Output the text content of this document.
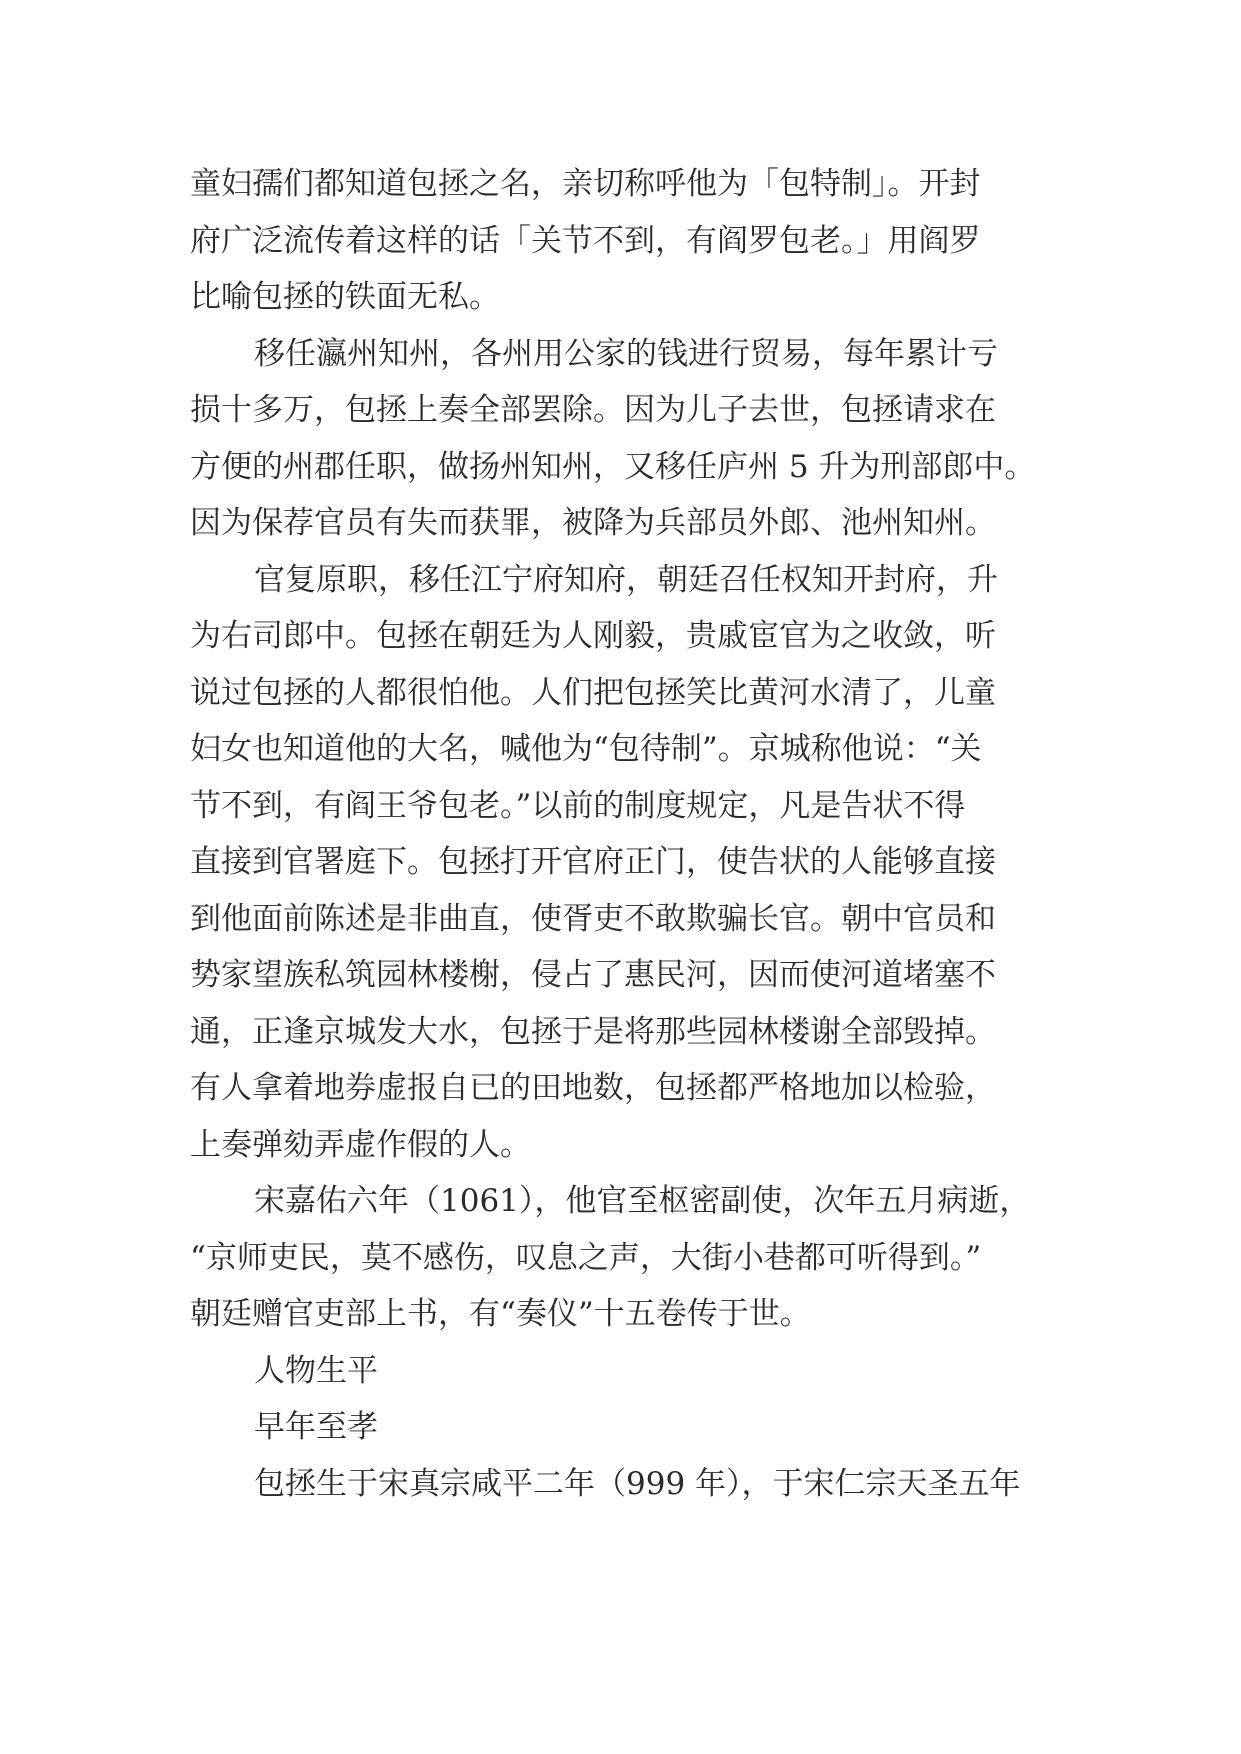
童妇孺们都知道包拯之名，亲切称呼他为「包特制」。开封

府广泛流传着这样的话「关节不到，有阎罗包老。」用阎罗

比喻包拯的铁面无私。

移任瀛州知州，各州用公家的钱进行贸易，每年累计亏

损十多万，包拯上奏全部罢除。因为儿子去世，包拯请求在

方便的州郡任职，做扬州知州，又移任庐州 5 升为刑部郎中。

因为保荐官员有失而获罪，被降为兵部员外郎、池州知州。

官复原职，移任江宁府知府，朝廷召任权知开封府，升

为右司郎中。包拯在朝廷为人刚毅，贵戚宦官为之收敛，听

说过包拯的人都很怕他。人们把包拯笑比黄河水清了，儿童

妇女也知道他的大名，喊他为“包待制”。京城称他说：“关

节不到，有阎王爷包老。”以前的制度规定，凡是告状不得

直接到官署庭下。包拯打开官府正门，使告状的人能够直接

到他面前陈述是非曲直，使胥吏不敢欺骗长官。朝中官员和

势家望族私筑园林楼榭，侵占了惠民河，因而使河道堵塞不

通，正逢京城发大水，包拯于是将那些园林楼谢全部毁掉。

有人拿着地券虚报自已的田地数，包拯都严格地加以检验，

上奏弹劾弄虚作假的人。

宋嘉佑六年（1061），他官至枢密副使，次年五月病逝，

“京师吏民，莫不感伤，叹息之声，大街小巷都可听得到。”

朝廷赠官吏部上书，有“奏仪”十五卷传于世。

人物生平

早年至孝

包拯生于宋真宗咸平二年（999 年），于宋仁宗天圣五年
